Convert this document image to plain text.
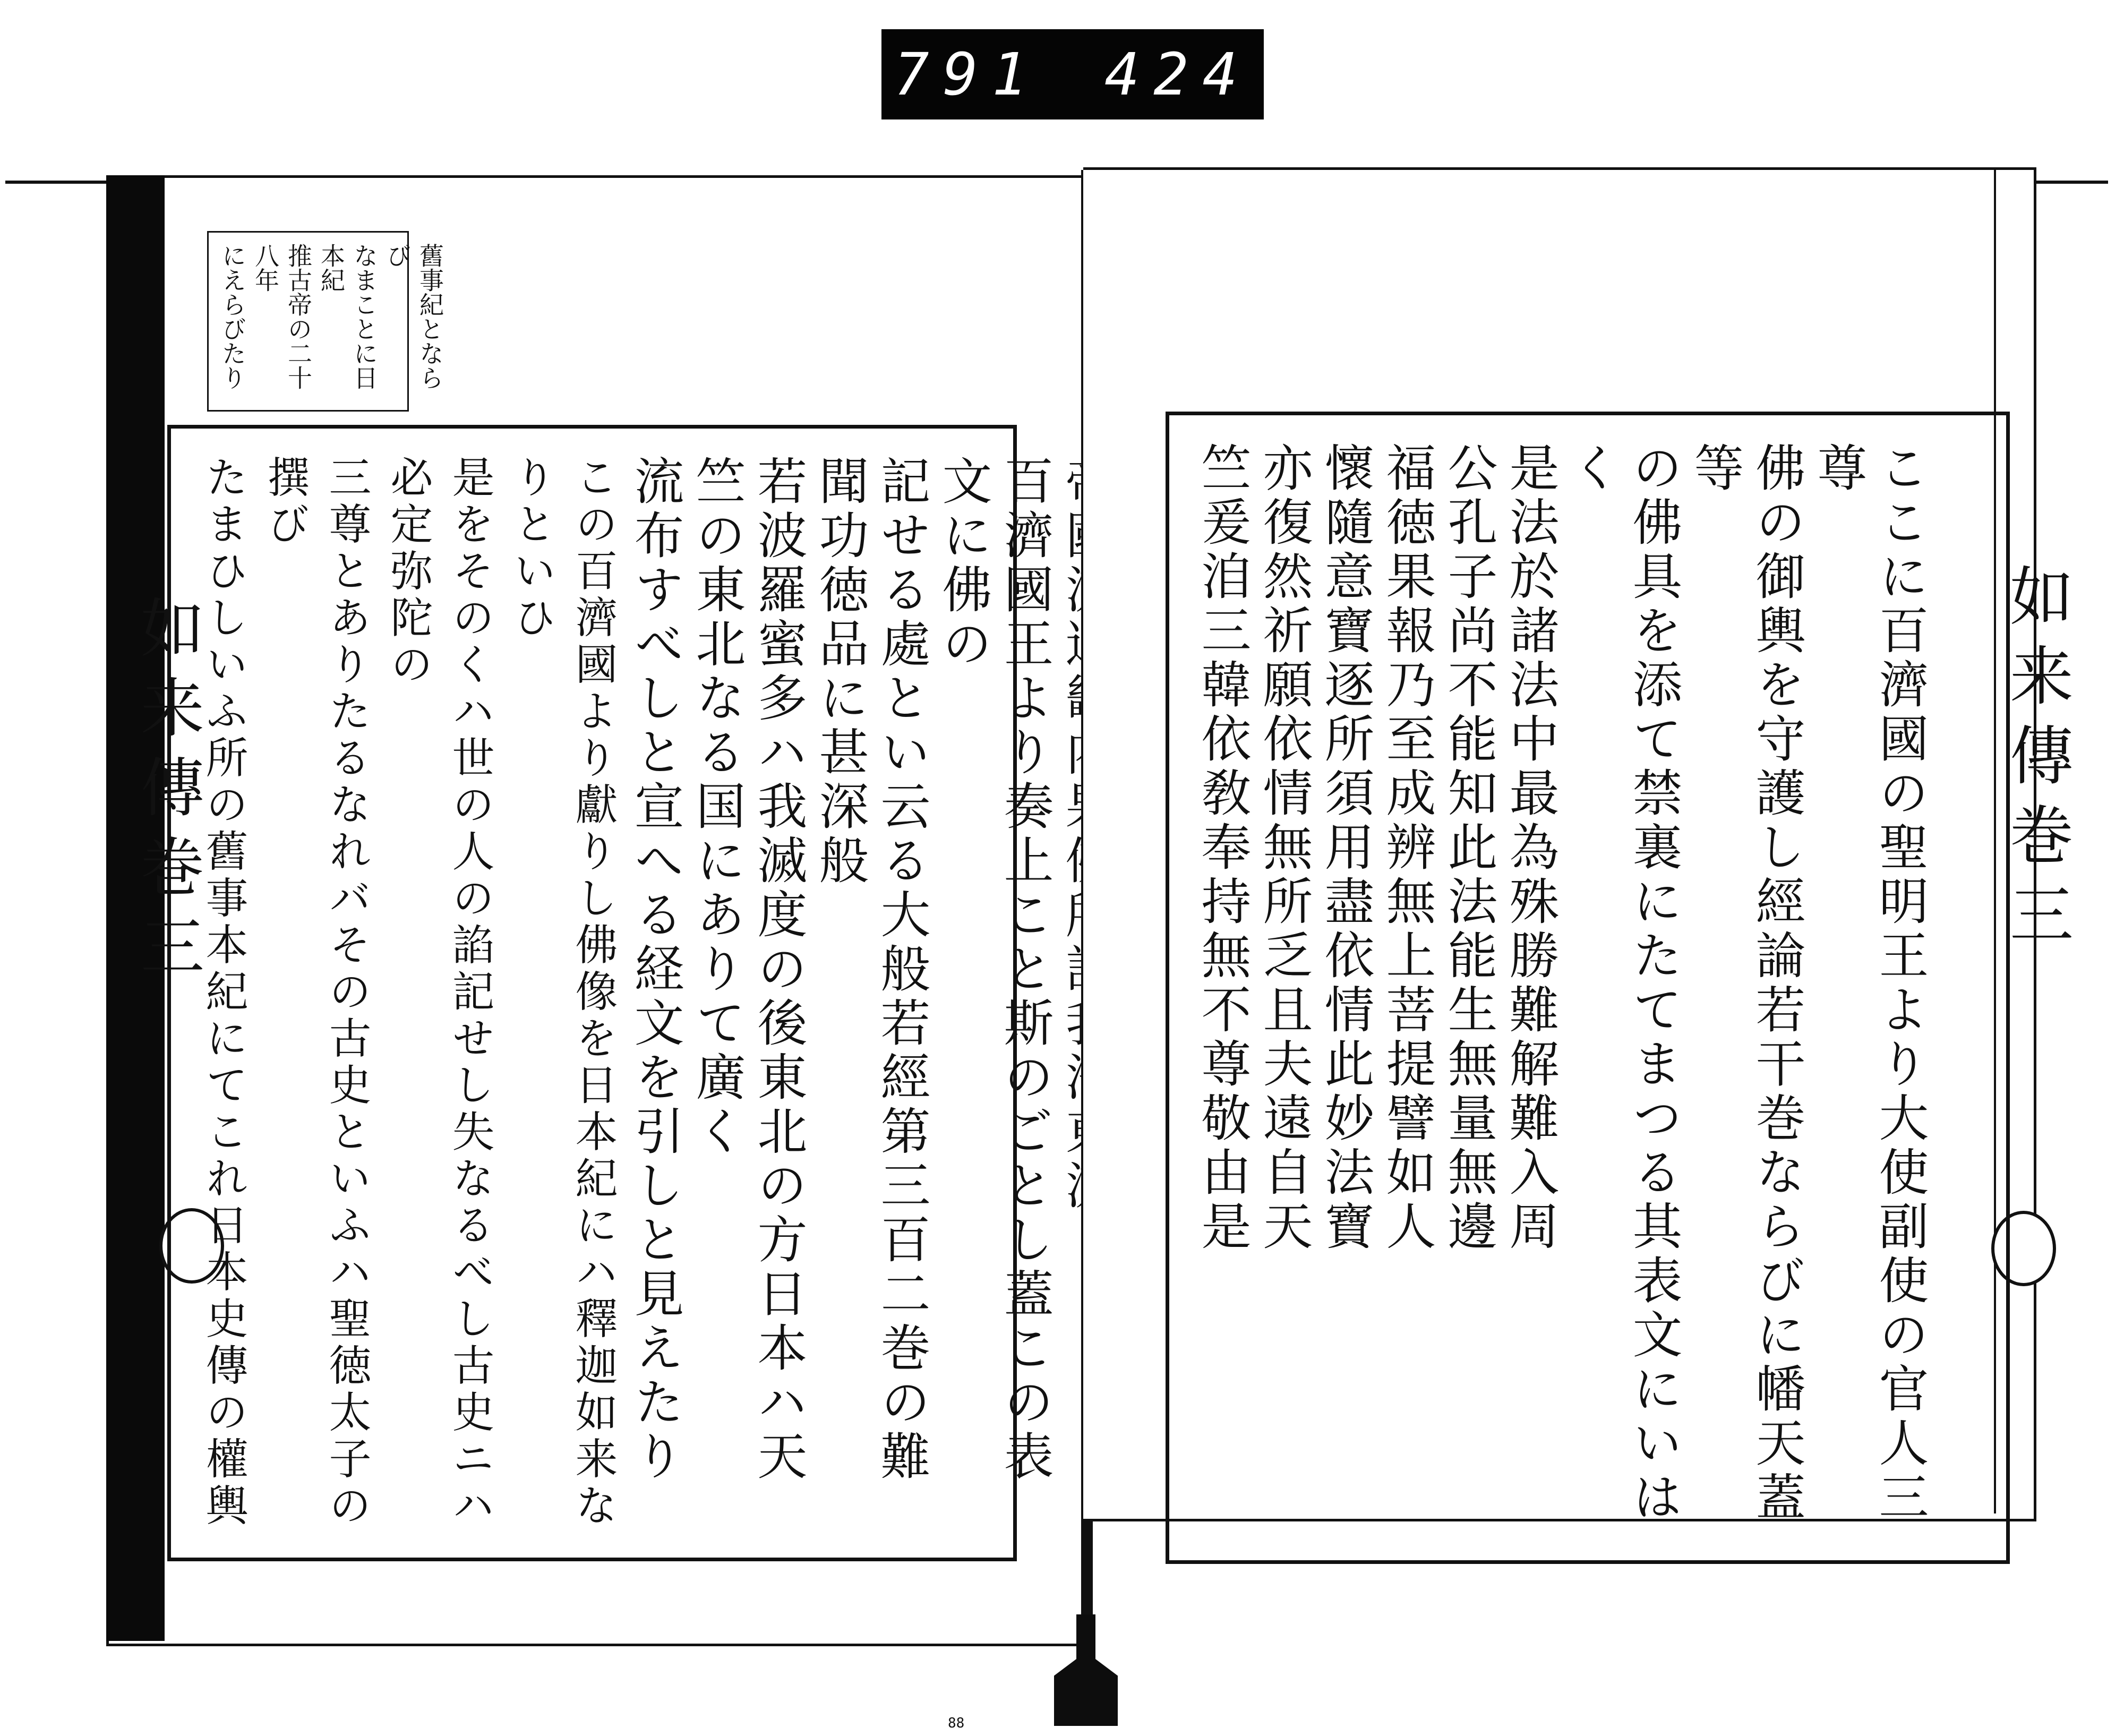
791 424
如来傳巻三
舊事紀とならび
なまことに日本紀
推古帝の二十八年
にえらびたり
百濟國王より奏上こと斯のごとし蓋この表文に佛の
記せる處とい云る大般若經第三百二巻の難聞功徳品に甚深般
若波羅蜜多ハ我滅度の後東北の方日本ハ天竺の東北なる国にありて廣く
流布すべしと宣へる経文を引しと見えたり
この百濟國より獻りし佛像を日本紀にハ釋迦如来なりといひ
是をそのくハ世の人の諂記せし失なるべし古史ニハ必定弥陀の
三尊とありたるなれバその古史といふハ聖徳太子の撰び
たまひしいふ所の舊事本紀にてこれ日本史傳の權輿	如来傳巻三
ここに百濟國の聖明王より大使副使の官人三尊
佛の御輿を守護し經論若干巻ならびに幡天蓋等
の佛具を添て禁裏にたてまつる其表文にいはく
是法於諸法中最為殊勝難解難入周
公孔子尚不能知此法能生無量無邊
福徳果報乃至成辨無上菩提譬如人
懷隨意寶逐所須用盡依情此妙法寶
亦復然祈願依情無所乏且夫遠自天
竺爰洎三韓依敎奉持無不尊敬由是
88
